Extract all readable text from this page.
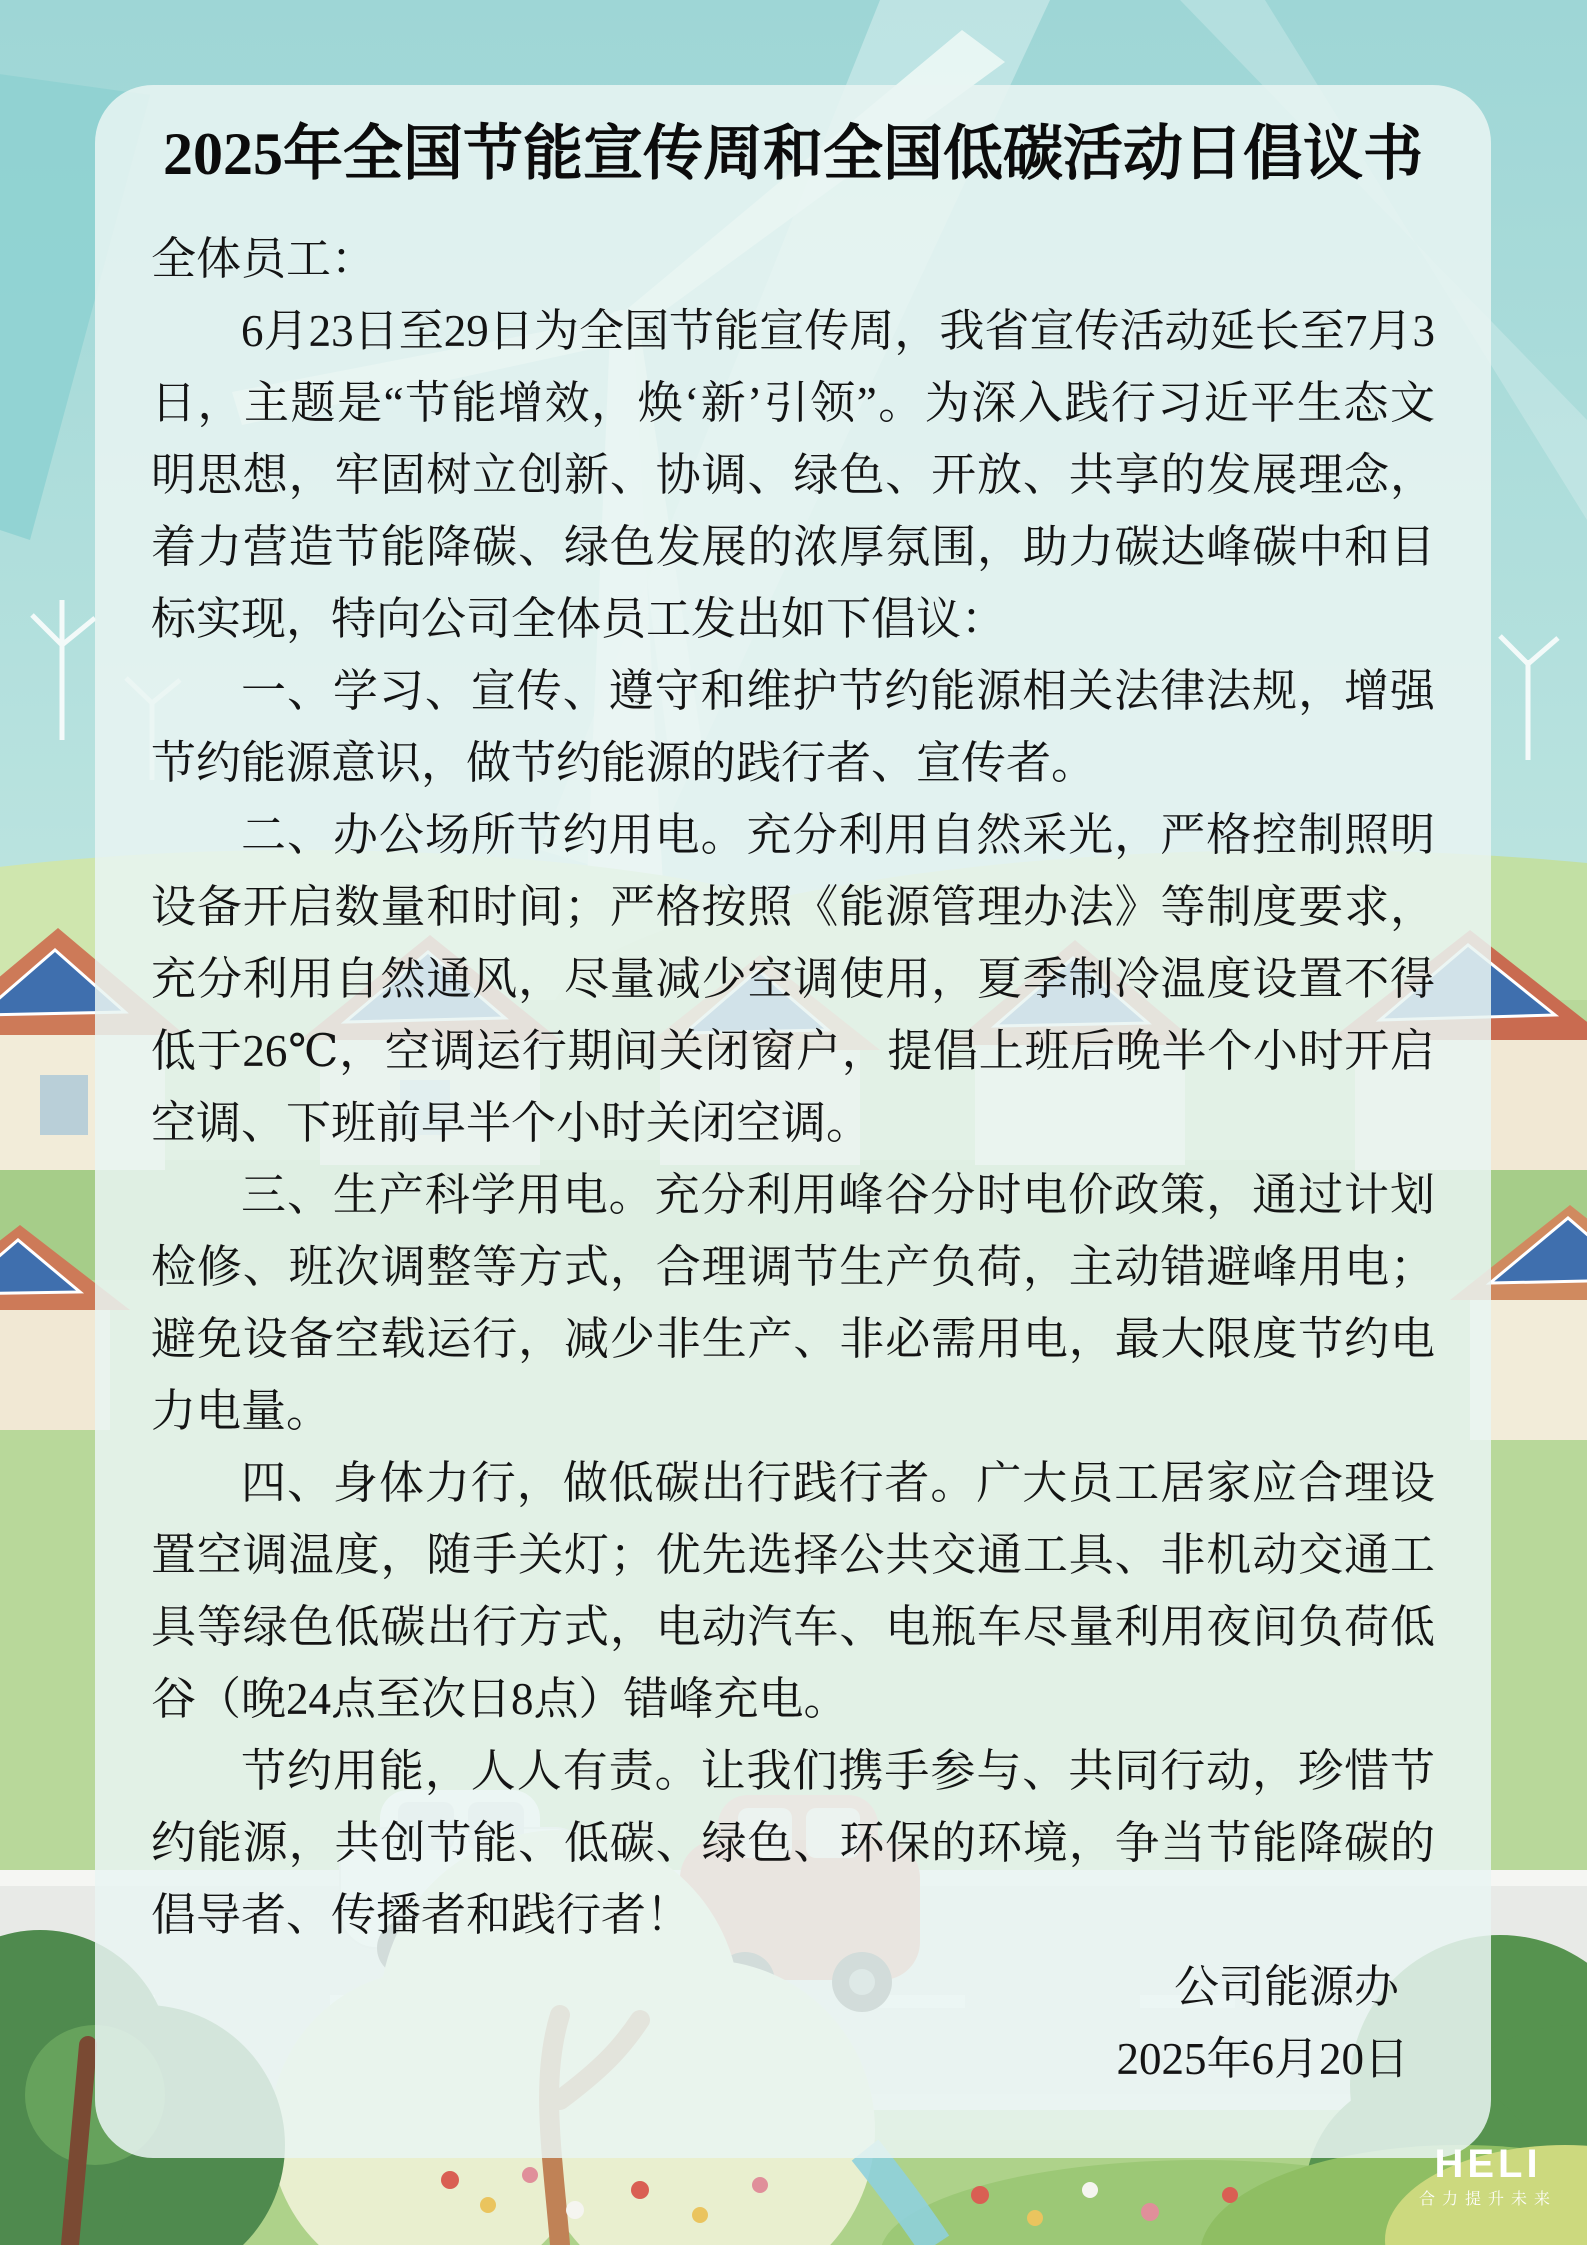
2025年全国节能宣传周和全国低碳活动日倡议书

全体员工：

6月23日至29日为全国节能宣传周，我省宣传活动延长至7月3日，主题是“节能增效，焕‘新’引领”。为深入践行习近平生态文明思想，牢固树立创新、协调、绿色、开放、共享的发展理念，着力营造节能降碳、绿色发展的浓厚氛围，助力碳达峰碳中和目标实现，特向公司全体员工发出如下倡议：

一、学习、宣传、遵守和维护节约能源相关法律法规，增强节约能源意识，做节约能源的践行者、宣传者。

二、办公场所节约用电。充分利用自然采光，严格控制照明设备开启数量和时间；严格按照《能源管理办法》等制度要求，充分利用自然通风，尽量减少空调使用，夏季制冷温度设置不得低于26℃，空调运行期间关闭窗户，提倡上班后晚半个小时开启空调、下班前早半个小时关闭空调。

三、生产科学用电。充分利用峰谷分时电价政策，通过计划检修、班次调整等方式，合理调节生产负荷，主动错避峰用电；避免设备空载运行，减少非生产、非必需用电，最大限度节约电力电量。

四、身体力行，做低碳出行践行者。广大员工居家应合理设置空调温度，随手关灯；优先选择公共交通工具、非机动交通工具等绿色低碳出行方式，电动汽车、电瓶车尽量利用夜间负荷低谷（晚24点至次日8点）错峰充电。

节约用能，人人有责。让我们携手参与、共同行动，珍惜节约能源，共创节能、低碳、绿色、环保的环境，争当节能降碳的倡导者、传播者和践行者！

公司能源办

2025年6月20日

HELI
合力提升未来
